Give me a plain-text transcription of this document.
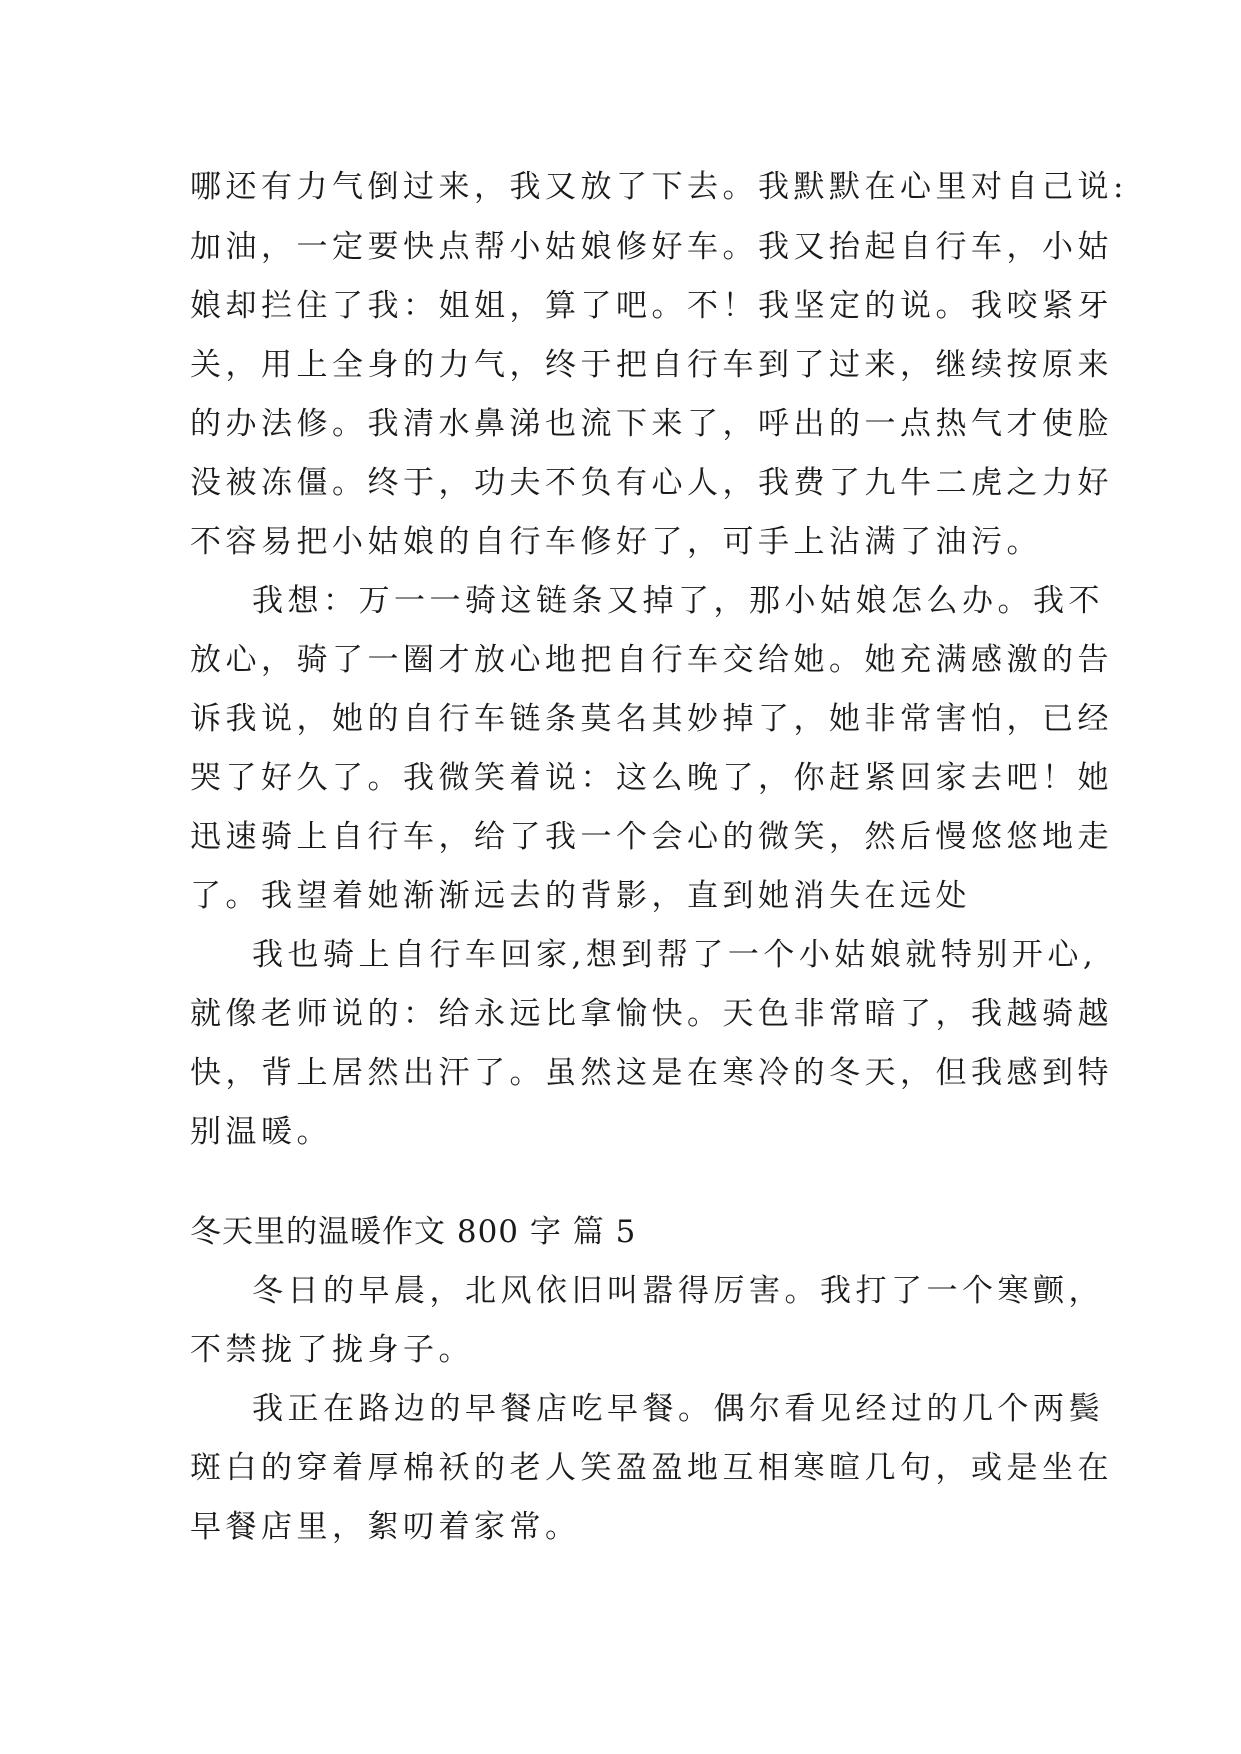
哪还有力气倒过来，我又放了下去。我默默在心里对自己说:
加油，一定要快点帮小姑娘修好车。我又抬起自行车，小姑
娘却拦住了我：姐姐，算了吧。不！我坚定的说。我咬紧牙
关，用上全身的力气，终于把自行车到了过来，继续按原来
的办法修。我清水鼻涕也流下来了，呼出的一点热气才使脸
没被冻僵。终于，功夫不负有心人，我费了九牛二虎之力好
不容易把小姑娘的自行车修好了，可手上沾满了油污。
我想：万一一骑这链条又掉了，那小姑娘怎么办。我不
放心，骑了一圈才放心地把自行车交给她。她充满感激的告
诉我说，她的自行车链条莫名其妙掉了，她非常害怕，已经
哭了好久了。我微笑着说：这么晚了，你赶紧回家去吧！她
迅速骑上自行车，给了我一个会心的微笑，然后慢悠悠地走
了。我望着她渐渐远去的背影，直到她消失在远处
我也骑上自行车回家,想到帮了一个小姑娘就特别开心,
就像老师说的：给永远比拿愉快。天色非常暗了，我越骑越
快，背上居然出汗了。虽然这是在寒冷的冬天，但我感到特
别温暖。
冬天里的温暖作文 800 字 篇 5
冬日的早晨，北风依旧叫嚣得厉害。我打了一个寒颤，
不禁拢了拢身子。
我正在路边的早餐店吃早餐。偶尔看见经过的几个两鬓
斑白的穿着厚棉袄的老人笑盈盈地互相寒暄几句，或是坐在
早餐店里，絮叨着家常。
